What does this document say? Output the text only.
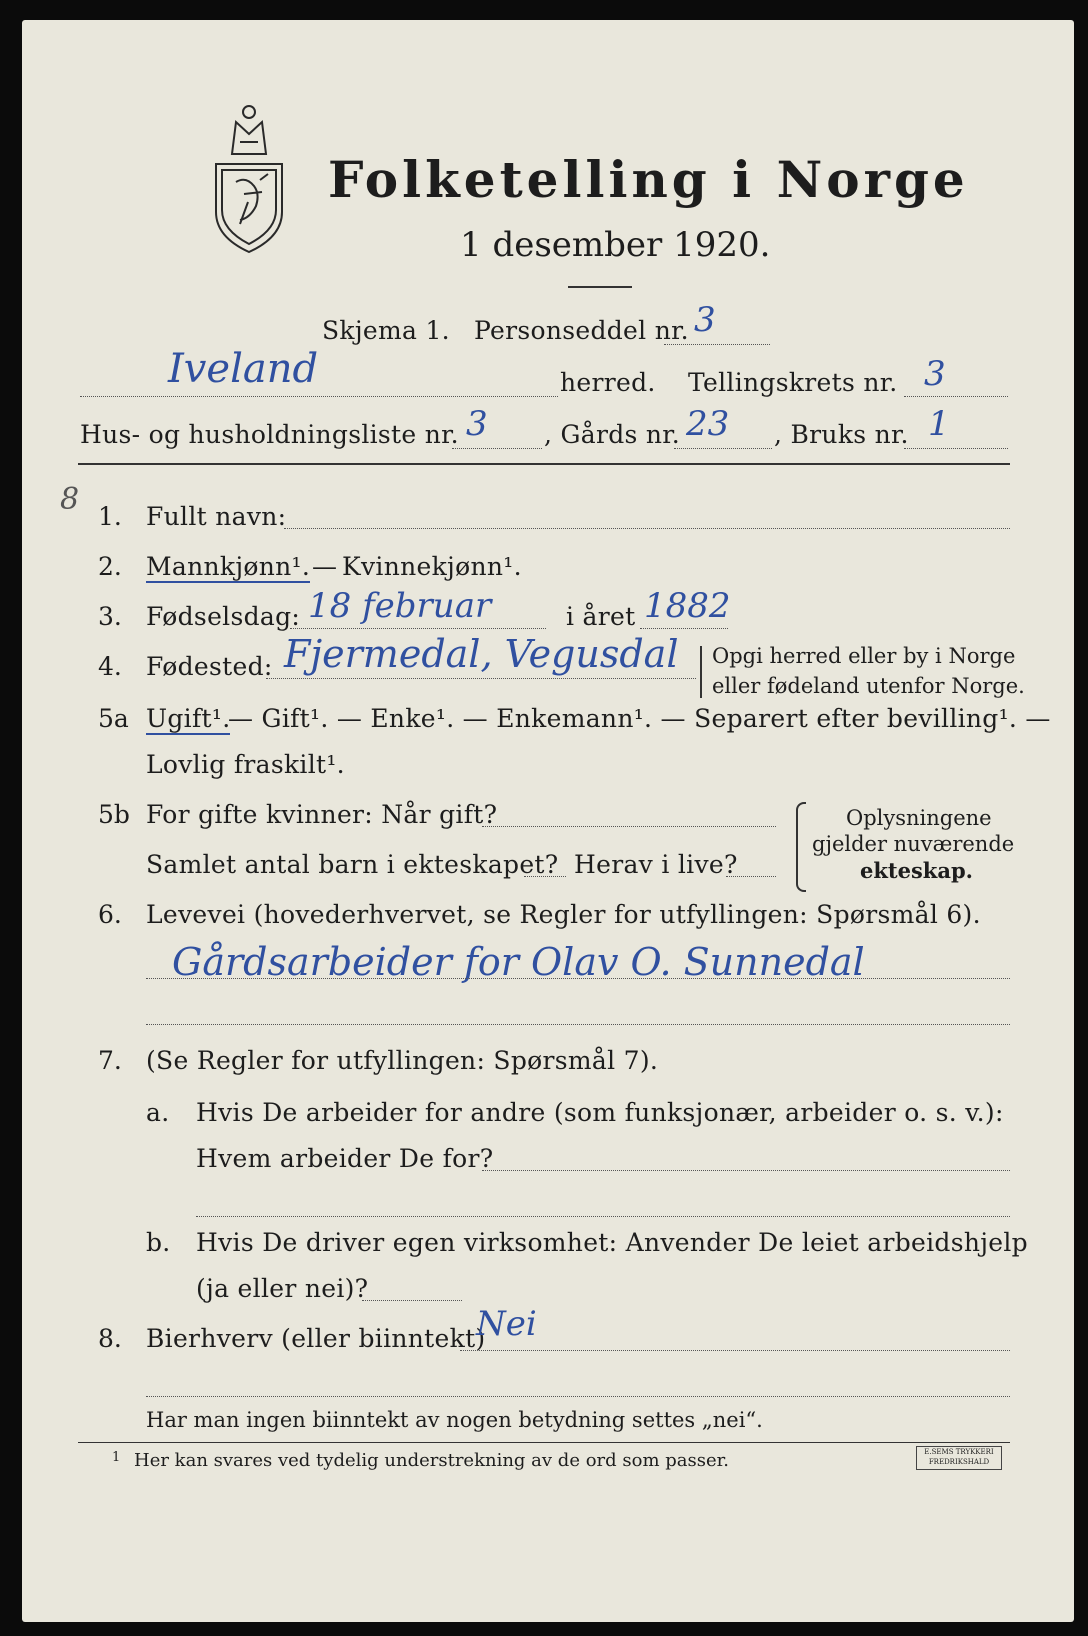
Folketelling i Norge
1 desember 1920.
Skjema 1. Personseddel nr. 3
Iveland	herred. Tellingskrets nr. 3
Hus- og husholdningsliste nr. 3 , Gårds nr. 23 , Bruks nr. 1
8 1. Fullt navn:
2. Mannkjønn¹. — Kvinnekjønn¹.
3. Fødselsdag: 18 februar	i året 1882
4. Fødested: Fjermedal, Vegusdal Opgi herred eller by i Norge
eller fødeland utenfor Norge.
5a Ugift¹.
— Gift¹. — Enke¹. — Enkemann¹. — Separert efter bevilling¹. —
Lovlig fraskilt¹.
5b For gifte kvinner: Når gift?
Samlet antal barn i ekteskapet? Herav i live?
Oplysningene
gjelder nuværende
ekteskap.
6. Levevei (hovederhvervet, se Regler for utfyllingen: Spørsmål 6).
Gårdsarbeider for Olav O. Sunnedal
7. (Se Regler for utfyllingen: Spørsmål 7).
a. Hvis De arbeider for andre (som funksjonær, arbeider o. s. v.):
Hvem arbeider De for?
b. Hvis De driver egen virksomhet: Anvender De leiet arbeidshjelp
(ja eller nei)?
8. Bierhverv (eller biinntekt)
Nei
Har man ingen biinntekt av nogen betydning settes „nei“.
1 Her kan svares ved tydelig understrekning av de ord som passer.	E.SEMS TRYKKERI
FREDRIKSHALD
